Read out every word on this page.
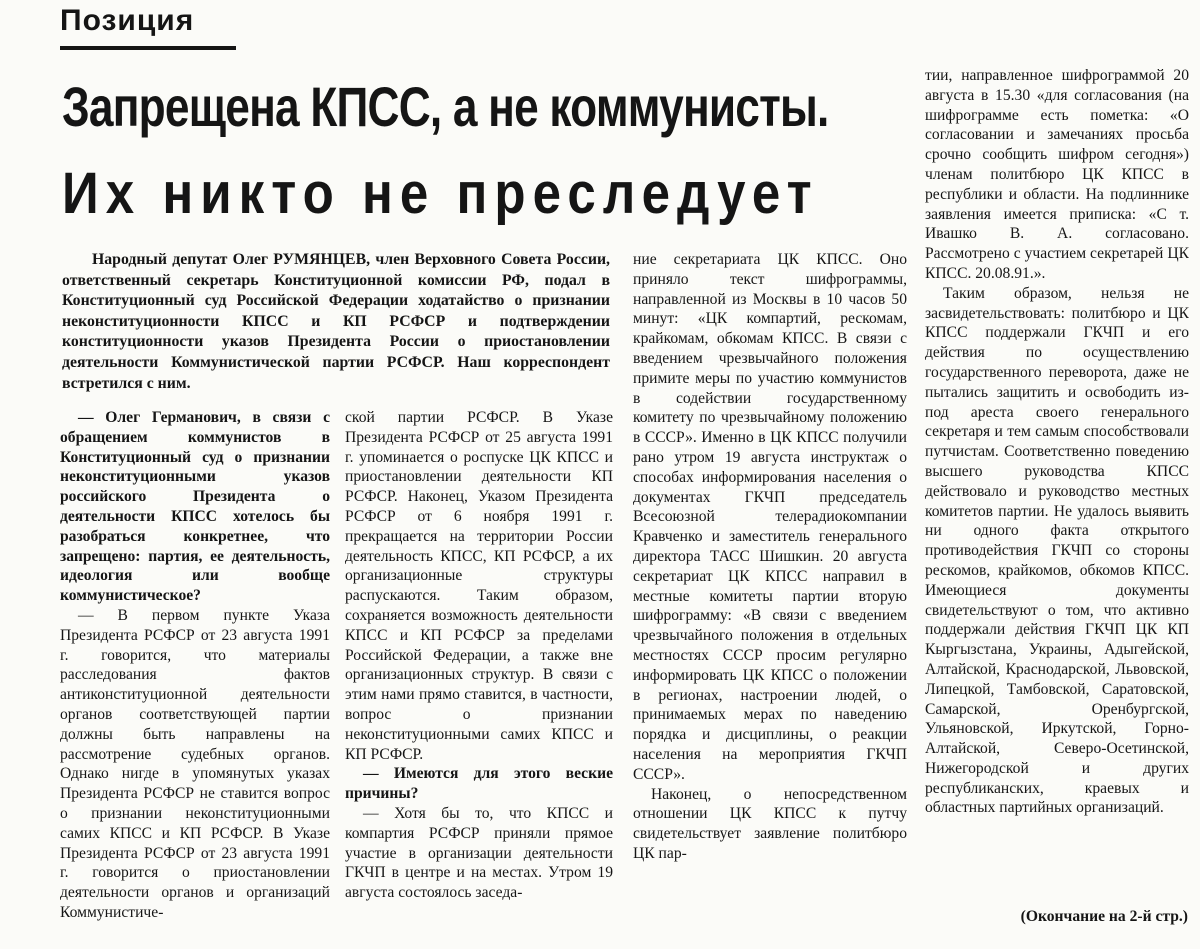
Позиция
Запрещена КПСС, а не коммунисты.
Их никто не преследует

Народный депутат Олег РУМЯНЦЕВ, член Верховного Совета России, ответственный секретарь Конституционной комиссии РФ, подал в Конституционный суд Российской Федерации ходатайство о признании неконституционности КПСС и КП РСФСР и подтверждении конституционности указов Президента России о приостановлении деятельности Коммунистической партии РСФСР. Наш корреспондент встретился с ним.

— Олег Германович, в связи с обращением коммунистов в Конституционный суд о признании неконституционными указов российского Президента о деятельности КПСС хотелось бы разобраться конкретнее, что запрещено: партия, ее деятельность, идеология или вообще коммунистическое?

— В первом пункте Указа Президента РСФСР от 23 августа 1991 г. говорится, что материалы расследования фактов антиконституционной деятельности органов соответствующей партии должны быть направлены на рассмотрение судебных органов. Однако нигде в упомянутых указах Президента РСФСР не ставится вопрос о признании неконституционными самих КПСС и КП РСФСР. В Указе Президента РСФСР от 23 августа 1991 г. говорится о приостановлении деятельности органов и организаций Коммунистиче-

ской партии РСФСР. В Указе Президента РСФСР от 25 августа 1991 г. упоминается о роспуске ЦК КПСС и приостановлении деятельности КП РСФСР. Наконец, Указом Президента РСФСР от 6 ноября 1991 г. прекращается на территории России деятельность КПСС, КП РСФСР, а их организационные структуры распускаются. Таким образом, сохраняется возможность деятельности КПСС и КП РСФСР за пределами Российской Федерации, а также вне организационных структур. В связи с этим нами прямо ставится, в частности, вопрос о признании неконституционными самих КПСС и КП РСФСР.

— Имеются для этого веские причины?

— Хотя бы то, что КПСС и компартия РСФСР приняли прямое участие в организации деятельности ГКЧП в центре и на местах. Утром 19 августа состоялось заседа-

ние секретариата ЦК КПСС. Оно приняло текст шифрограммы, направленной из Москвы в 10 часов 50 минут: «ЦК компартий, рескомам, крайкомам, обкомам КПСС. В связи с введением чрезвычайного положения примите меры по участию коммунистов в содействии государственному комитету по чрезвычайному положению в СССР». Именно в ЦК КПСС получили рано утром 19 августа инструктаж о способах информирования населения о документах ГКЧП председатель Всесоюзной телерадиокомпании Кравченко и заместитель генерального директора ТАСС Шишкин. 20 августа секретариат ЦК КПСС направил в местные комитеты партии вторую шифрограмму: «В связи с введением чрезвычайного положения в отдельных местностях СССР просим регулярно информировать ЦК КПСС о положении в регионах, настроении людей, о принимаемых мерах по наведению порядка и дисциплины, о реакции населения на мероприятия ГКЧП СССР».

Наконец, о непосредственном отношении ЦК КПСС к путчу свидетельствует заявление политбюро ЦК пар-

тии, направленное шифрограммой 20 августа в 15.30 «для согласования (на шифрограмме есть пометка: «О согласовании и замечаниях просьба срочно сообщить шифром сегодня») членам политбюро ЦК КПСС в республики и области. На подлиннике заявления имеется приписка: «С т. Ивашко В. А. согласовано. Рассмотрено с участием секретарей ЦК КПСС. 20.08.91.».

Таким образом, нельзя не засвидетельствовать: политбюро и ЦК КПСС поддержали ГКЧП и его действия по осуществлению государственного переворота, даже не пытались защитить и освободить из-под ареста своего генерального секретаря и тем самым способствовали путчистам. Соответственно поведению высшего руководства КПСС действовало и руководство местных комитетов партии. Не удалось выявить ни одного факта открытого противодействия ГКЧП со стороны рескомов, крайкомов, обкомов КПСС. Имеющиеся документы свидетельствуют о том, что активно поддержали действия ГКЧП ЦК КП Кыргызстана, Украины, Адыгейской, Алтайской, Краснодарской, Львовской, Липецкой, Тамбовской, Саратовской, Самарской, Оренбургской, Ульяновской, Иркутской, Горно-Алтайской, Северо-Осетинской, Нижегородской и других республиканских, краевых и областных партийных организаций.

(Окончание на 2-й стр.)
